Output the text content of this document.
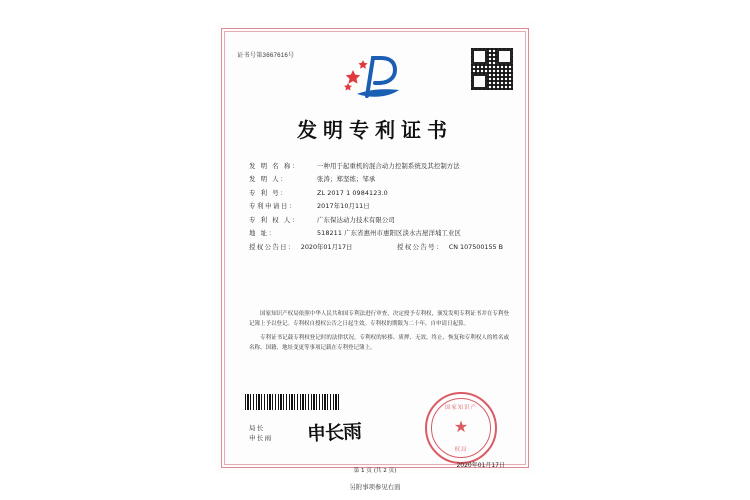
证书号第3667616号
发明专利证书
发 明 名 称：	一种用于起重机的混合动力控制系统及其控制方法
发 明 人：	张涛；郑坚练；邹承
专 利 号：	ZL 2017 1 0984123.0
专利申请日：	2017年10月11日
专 利 权 人：	广东保达动力技术有限公司
地 址：	518211 广东省惠州市惠阳区淡水古屋洋埔工业区
授权公告日： 2020年01月17日	授权公告号： CN 107500155 B

国家知识产权局依照中华人民共和国专利法进行审查，决定授予专利权，颁发发明专利证书并在专利登记簿上予以登记。专利权自授权公告之日起生效。专利权的期限为二十年，自申请日起算。

专利证书记载专利权登记时的法律状况。专利权的转移、质押、无效、终止、恢复和专利权人的姓名或名称、国籍、地址变更等事项记载在专利登记簿上。

局长
申长雨 申长雨
国家知识产
★
权局
2020年01月17日
第 1 页 (共 2 页)
另附事项参见右面
